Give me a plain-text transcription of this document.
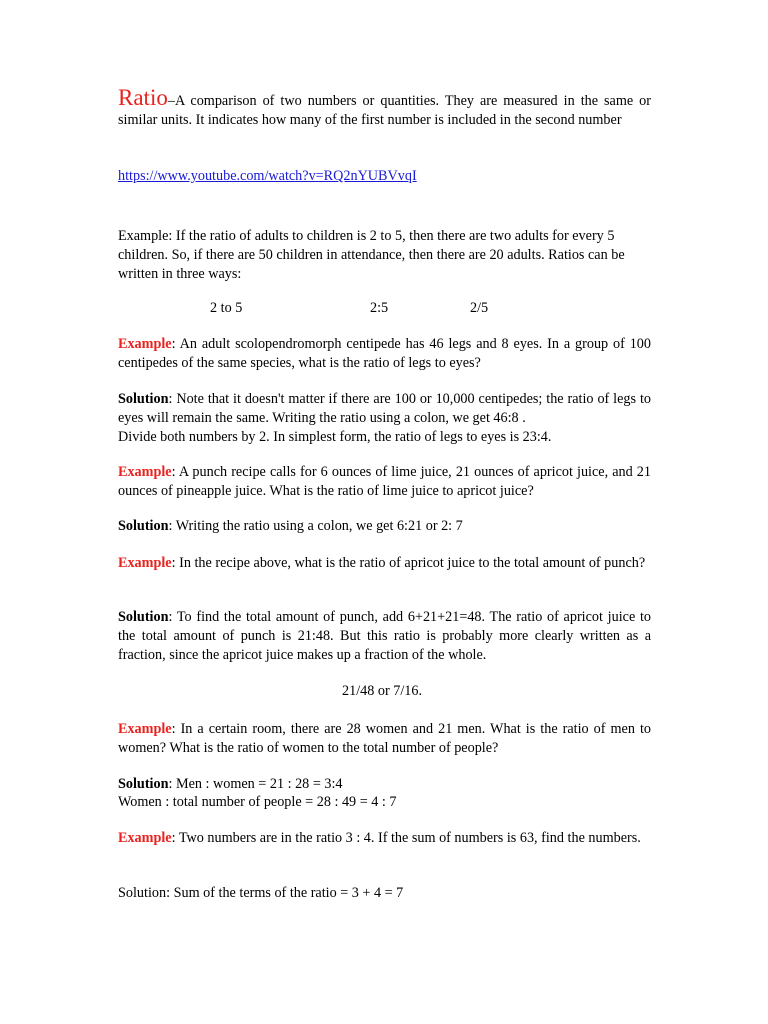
Ratio–A comparison of two numbers or quantities. They are measured in the same or similar units. It indicates how many of the first number is included in the second number
https://www.youtube.com/watch?v=RQ2nYUBVvqI
Example: If the ratio of adults to children is 2 to 5, then there are two adults for every 5 children. So, if there are 50 children in attendance, then there are 20 adults. Ratios can be written in three ways:
2 to 5	2:5	2/5
Example: An adult scolopendromorph centipede has 46 legs and 8 eyes. In a group of 100 centipedes of the same species, what is the ratio of legs to eyes?
Solution: Note that it doesn't matter if there are 100 or 10,000 centipedes; the ratio of legs to eyes will remain the same. Writing the ratio using a colon, we get 46:8 .
Divide both numbers by 2. In simplest form, the ratio of legs to eyes is 23:4.
Example: A punch recipe calls for 6 ounces of lime juice, 21 ounces of apricot juice, and 21 ounces of pineapple juice. What is the ratio of lime juice to apricot juice?
Solution: Writing the ratio using a colon, we get 6:21 or 2: 7
Example: In the recipe above, what is the ratio of apricot juice to the total amount of punch?
Solution: To find the total amount of punch, add 6+21+21=48. The ratio of apricot juice to the total amount of punch is 21:48. But this ratio is probably more clearly written as a fraction, since the apricot juice makes up a fraction of the whole.
21/48 or 7/16.
Example: In a certain room, there are 28 women and 21 men. What is the ratio of men to women? What is the ratio of women to the total number of people?
Solution: Men : women = 21 : 28 = 3:4
Women : total number of people = 28 : 49 = 4 : 7
Example: Two numbers are in the ratio 3 : 4. If the sum of numbers is 63, find the numbers.
Solution: Sum of the terms of the ratio = 3 + 4 = 7
